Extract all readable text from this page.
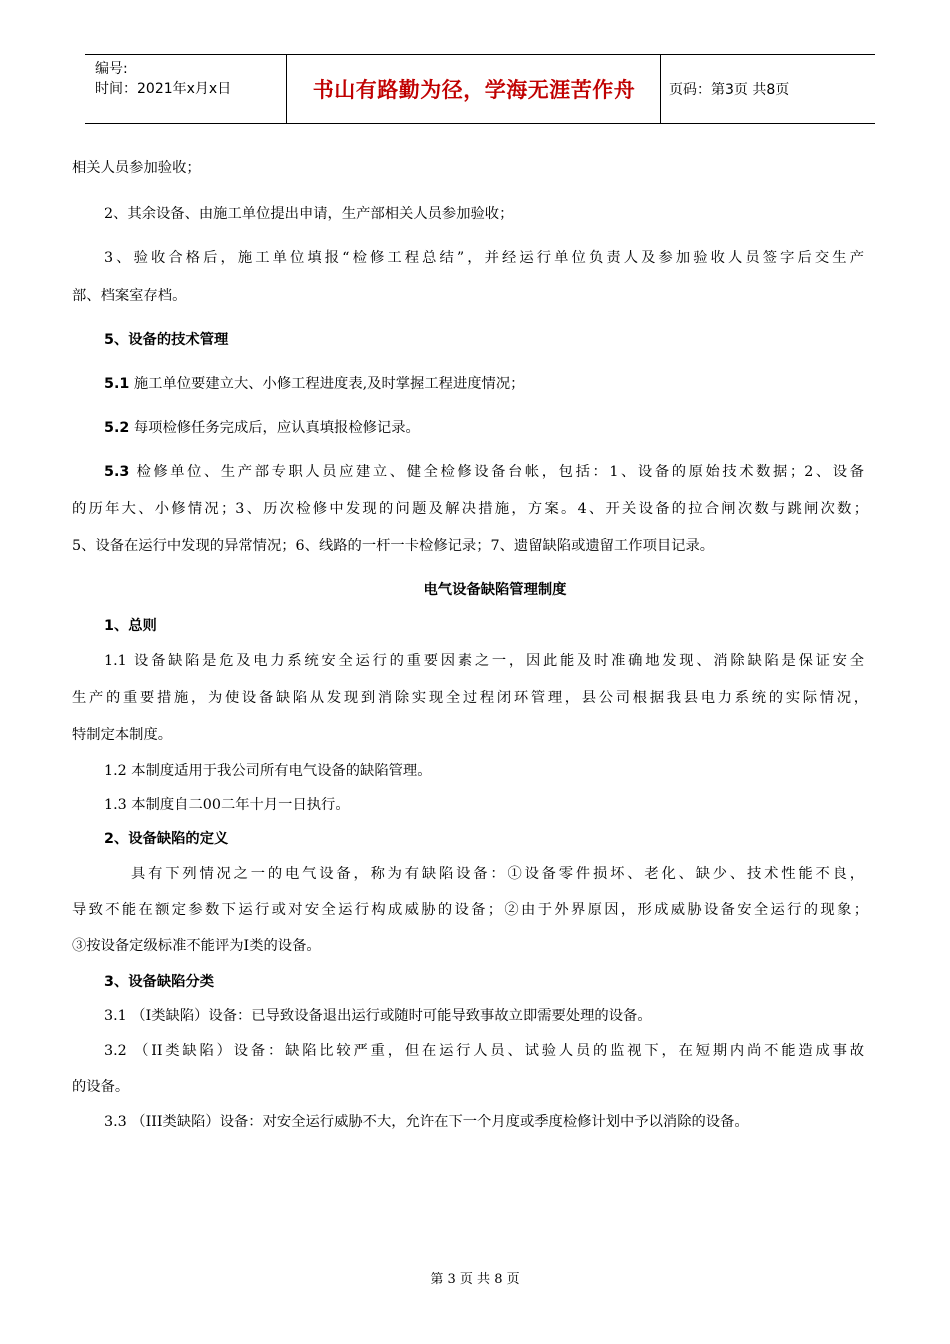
编号:
时间：2021年x月x日	书山有路勤为径，学海无涯苦作舟	页码：第3页 共8页
相关人员参加验收；
2、其余设备、由施工单位提出申请，生产部相关人员参加验收；
3、验收合格后，施工单位填报“检修工程总结”，并经运行单位负责人及参加验收人员签字后交生产
部、档案室存档。
5、设备的技术管理
5.1 施工单位要建立大、小修工程进度表,及时掌握工程进度情况；
5.2 每项检修任务完成后，应认真填报检修记录。
5.3 检修单位、生产部专职人员应建立、健全检修设备台帐，包括：1、设备的原始技术数据；2、设备
的历年大、小修情况；3、历次检修中发现的问题及解决措施，方案。4、开关设备的拉合闸次数与跳闸次数；
5、设备在运行中发现的异常情况；6、线路的一杆一卡检修记录；7、遗留缺陷或遗留工作项目记录。
电气设备缺陷管理制度
1、总则
1.1 设备缺陷是危及电力系统安全运行的重要因素之一，因此能及时准确地发现、消除缺陷是保证安全
生产的重要措施，为使设备缺陷从发现到消除实现全过程闭环管理，县公司根据我县电力系统的实际情况，
特制定本制度。
1.2 本制度适用于我公司所有电气设备的缺陷管理。
1.3 本制度自二00二年十月一日执行。
2、设备缺陷的定义
具有下列情况之一的电气设备，称为有缺陷设备：①设备零件损坏、老化、缺少、技术性能不良，
导致不能在额定参数下运行或对安全运行构成威胁的设备；②由于外界原因，形成威胁设备安全运行的现象；
③按设备定级标准不能评为I类的设备。
3、设备缺陷分类
3.1 （I类缺陷）设备：已导致设备退出运行或随时可能导致事故立即需要处理的设备。
3.2 （II类缺陷）设备：缺陷比较严重，但在运行人员、试验人员的监视下，在短期内尚不能造成事故
的设备。
3.3 （III类缺陷）设备：对安全运行威胁不大，允许在下一个月度或季度检修计划中予以消除的设备。
第 3 页 共 8 页
